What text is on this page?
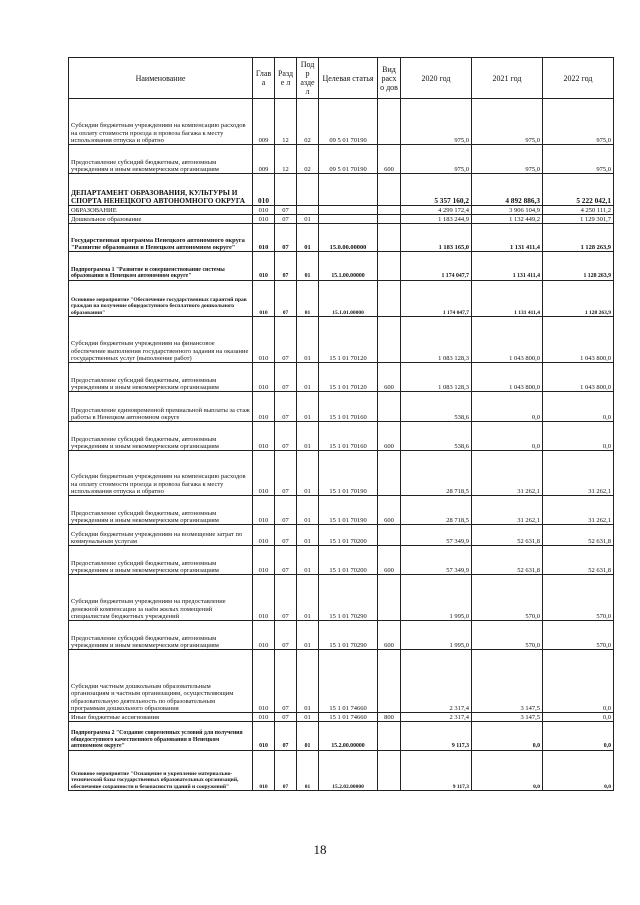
Наименование	Глав а	Разде л	Подр аздел	Целевая статья	Вид расхо дов	2020 год	2021 год	2022 год
Субсидии бюджетным учреждениям на компенсацию расходов на оплату стоимости проезда и провоза багажа к месту использования отпуска и обратно	009	12	02	09 5 01 70190		975,0	975,0	975,0
Предоставление субсидий бюджетным, автономным учреждениям и иным некоммерческим организациям	009	12	02	09 5 01 70190	600	975,0	975,0	975,0
ДЕПАРТАМЕНТ ОБРАЗОВАНИЯ, КУЛЬТУРЫ И СПОРТА НЕНЕЦКОГО АВТОНОМНОГО ОКРУГА	010					5 357 160,2	4 892 886,3	5 222 042,1
ОБРАЗОВАНИЕ	010	07				4 299 172,4	3 906 104,9	4 250 111,2
Дошкольное образование	010	07	01			1 183 244,9	1 132 449,2	1 129 301,7
Государственная программа Ненецкого автономного округа "Развитие образования в Ненецком автономном округе"	010	07	01	15.0.00.00000		1 183 165,0	1 131 411,4	1 128 263,9
Подпрограмма 1 "Развитие и совершенствование системы образования в Ненецком автономном округе"	010	07	01	15.1.00.00000		1 174 047,7	1 131 411,4	1 128 263,9
Основное мероприятие "Обеспечение государственных гарантий прав граждан на получение общедоступного бесплатного дошкольного образования"	010	07	01	15.1.01.00000		1 174 047,7	1 131 411,4	1 128 263,9
Субсидии бюджетным учреждениям на финансовое обеспечение выполнения государственного задания на оказание государственных услуг (выполнение работ)	010	07	01	15 1 01 70120		1 083 128,3	1 043 800,0	1 043 800,0
Предоставление субсидий бюджетным, автономным учреждениям и иным некоммерческим организациям	010	07	01	15 1 01 70120	600	1 083 128,3	1 043 800,0	1 043 800,0
Предоставление единовременной премиальной выплаты за стаж работы в Ненецком автономном округе	010	07	01	15 1 01 70160		538,6	0,0	0,0
Предоставление субсидий бюджетным, автономным учреждениям и иным некоммерческим организациям	010	07	01	15 1 01 70160	600	538,6	0,0	0,0
Субсидии бюджетным учреждениям на компенсацию расходов на оплату стоимости проезда и провоза багажа к месту использования отпуска и обратно	010	07	01	15 1 01 70190		28 718,5	31 262,1	31 262,1
Предоставление субсидий бюджетным, автономным учреждениям и иным некоммерческим организациям	010	07	01	15 1 01 70190	600	28 718,5	31 262,1	31 262,1
Субсидии бюджетным учреждениям на возмещение затрат по коммунальным услугам	010	07	01	15 1 01 70200		57 349,9	52 631,8	52 631,8
Предоставление субсидий бюджетным, автономным учреждениям и иным некоммерческим организациям	010	07	01	15 1 01 70200	600	57 349,9	52 631,8	52 631,8
Субсидии бюджетным учреждениям на предоставление денежной компенсации за наём жилых помещений специалистам бюджетных учреждений	010	07	01	15 1 01 70290		1 995,0	570,0	570,0
Предоставление субсидий бюджетным, автономным учреждениям и иным некоммерческим организациям	010	07	01	15 1 01 70290	600	1 995,0	570,0	570,0
Субсидии частным дошкольным образовательным организациям и частным организациям, осуществляющим образовательную деятельность по образовательным программам дошкольного образования	010	07	01	15 1 01 74660		2 317,4	3 147,5	0,0
Иные бюджетные ассигнования	010	07	01	15 1 01 74660	800	2 317,4	3 147,5	0,0
Подпрограмма 2 "Создание современных условий для получения общедоступного качественного образования в Ненецком автономном округе"	010	07	01	15.2.00.00000		9 117,3	0,0	0,0
Основное мероприятие "Оснащение и укрепление материально-технической базы государственных образовательных организаций, обеспечение сохранности и безопасности зданий и сооружений"	010	07	01	15.2.02.00000		9 117,3	0,0	0,0
18
